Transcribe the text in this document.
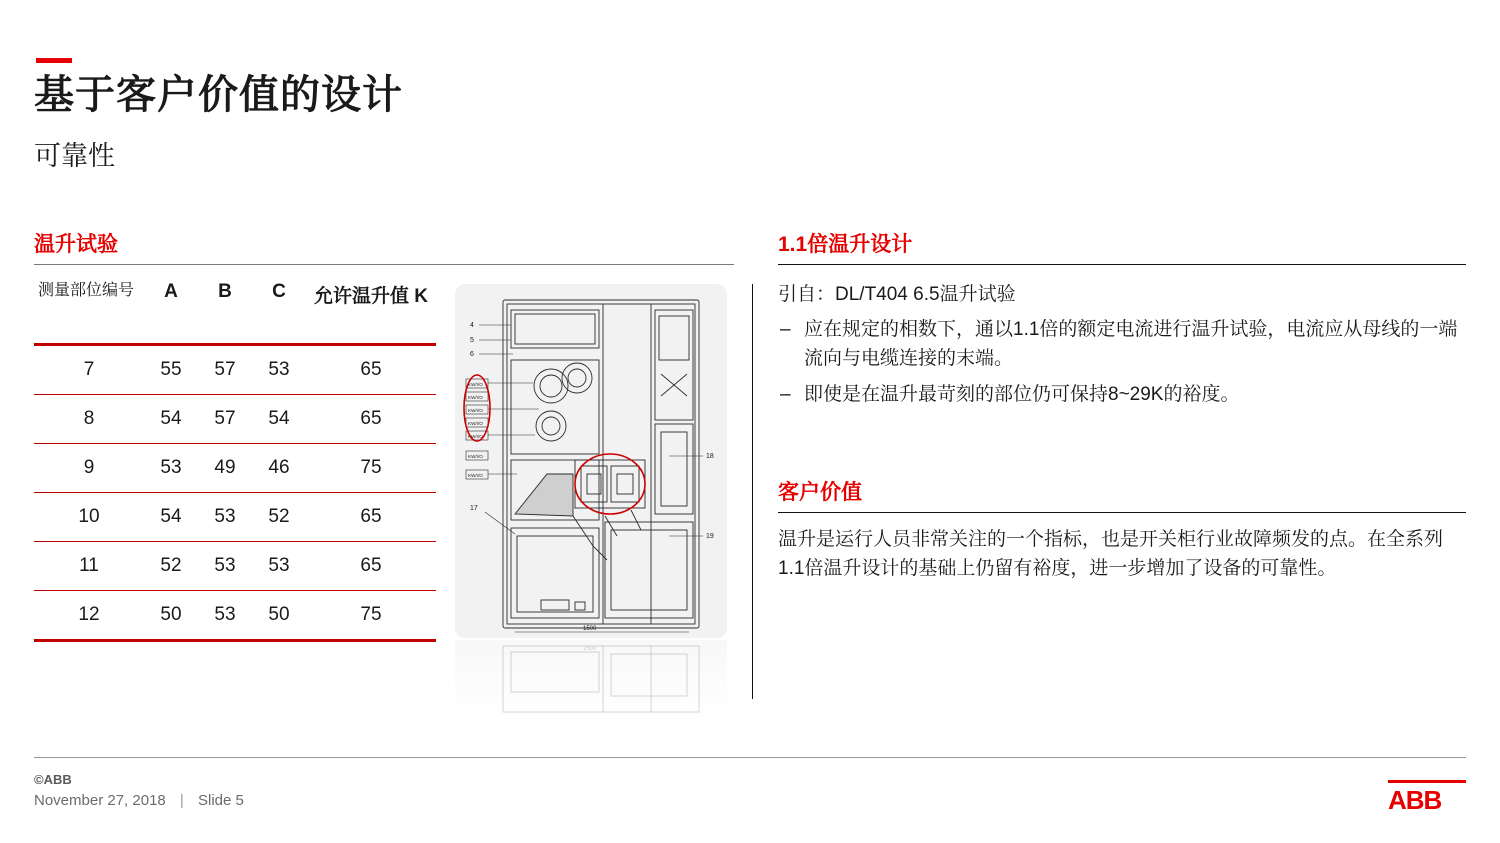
基于客户价值的设计
可靠性
温升试验
测量部位编号	A	B	C	允许温升值 K
7	55	57	53	65
8	54	57	54	65
9	53	49	46	75
10	54	53	52	65
11	52	53	53	65
12	50	53	50	75
KW/I/O
KW/I/O
KW/I/O
KW/I/O
KW/I/O
KW/I/O
KW/I/O
4
5
6
17
18
19
1500
1500
1.1倍温升设计
引自：DL/T404 6.5温升试验
– 应在规定的相数下，通以1.1倍的额定电流进行温升试验，电流应从母线的一端流向与电缆连接的末端。
– 即使是在温升最苛刻的部位仍可保持8~29K的裕度。
客户价值
温升是运行人员非常关注的一个指标，也是开关柜行业故障频发的点。在全系列1.1倍温升设计的基础上仍留有裕度，进一步增加了设备的可靠性。
©ABB
November 27, 2018 | Slide 5	ABB
